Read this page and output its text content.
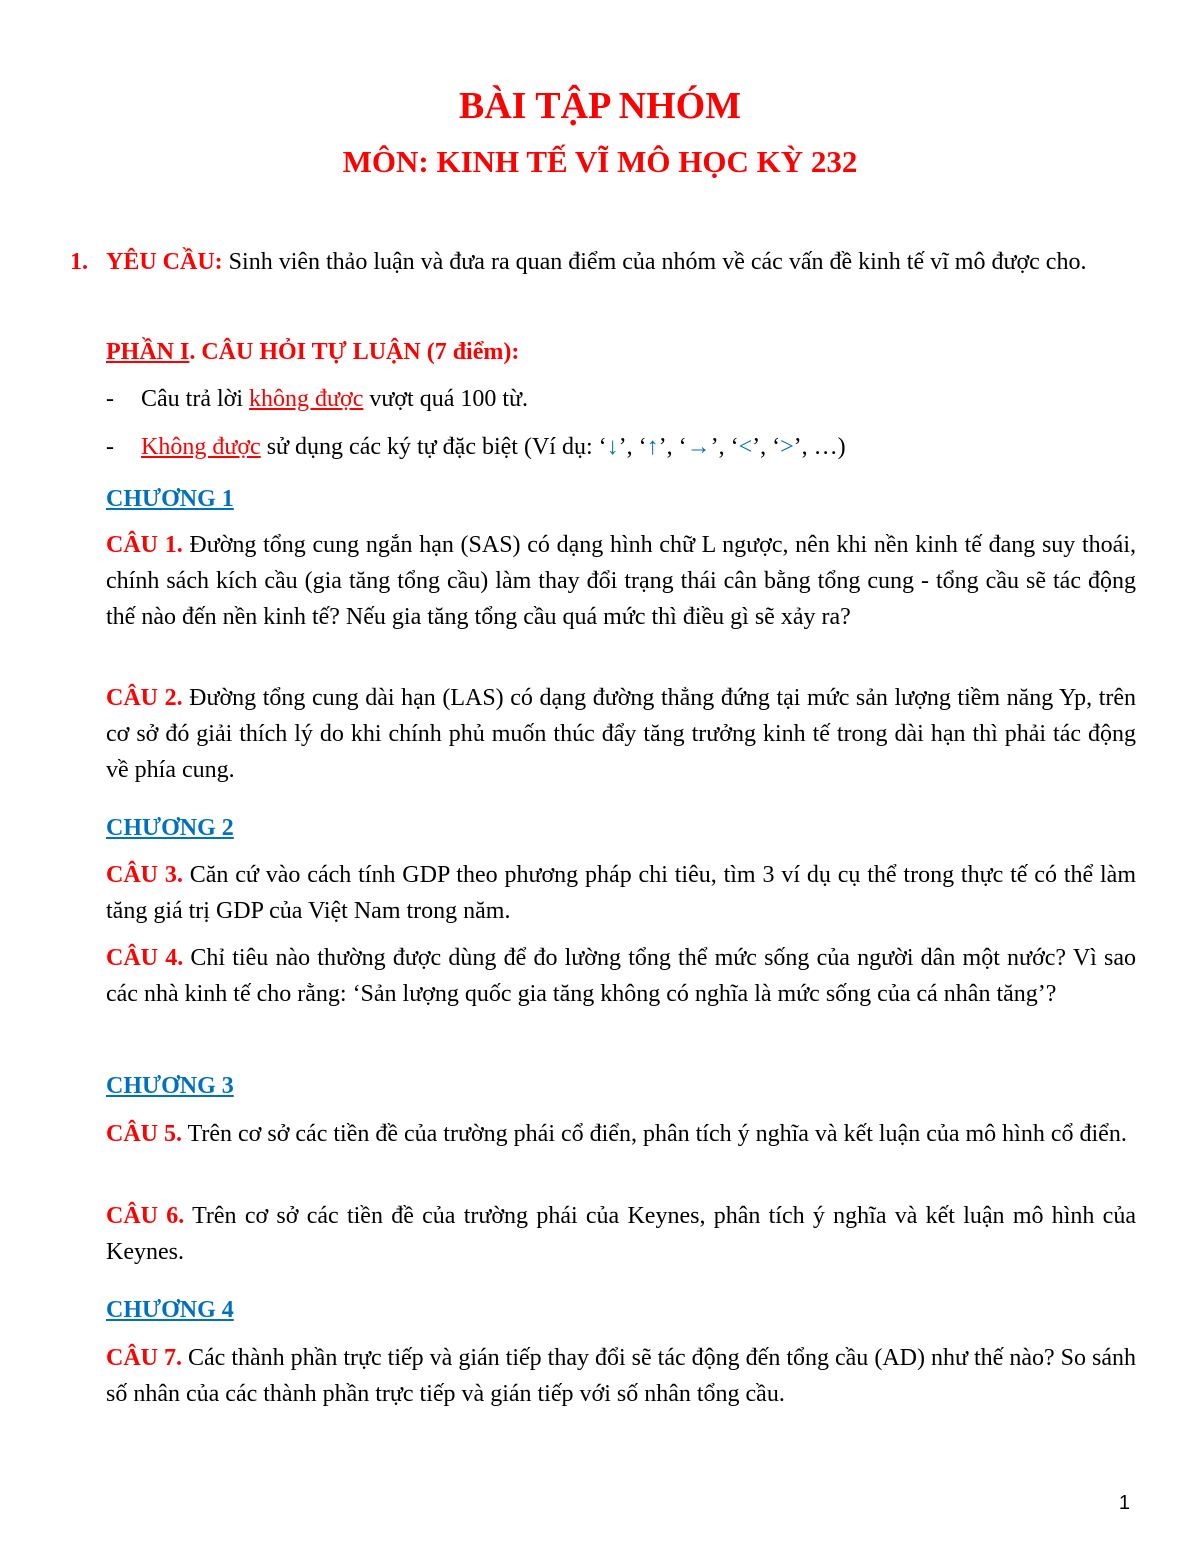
BÀI TẬP NHÓM
MÔN: KINH TẾ VĨ MÔ HỌC KỲ 232
1. YÊU CẦU: Sinh viên thảo luận và đưa ra quan điểm của nhóm về các vấn đề kinh tế vĩ mô được cho.
PHẦN I. CÂU HỎI TỰ LUẬN (7 điểm):
- Câu trả lời không được vượt quá 100 từ.
- Không được sử dụng các ký tự đặc biệt (Ví dụ: ‘↓’, ‘↑’, ‘→’, ‘<’, ‘>’, …)
CHƯƠNG 1
CÂU 1. Đường tổng cung ngắn hạn (SAS) có dạng hình chữ L ngược, nên khi nền kinh tế đang suy thoái, chính sách kích cầu (gia tăng tổng cầu) làm thay đổi trạng thái cân bằng tổng cung - tổng cầu sẽ tác động thế nào đến nền kinh tế? Nếu gia tăng tổng cầu quá mức thì điều gì sẽ xảy ra?
CÂU 2. Đường tổng cung dài hạn (LAS) có dạng đường thẳng đứng tại mức sản lượng tiềm năng Yp, trên cơ sở đó giải thích lý do khi chính phủ muốn thúc đẩy tăng trưởng kinh tế trong dài hạn thì phải tác động về phía cung.
CHƯƠNG 2
CÂU 3. Căn cứ vào cách tính GDP theo phương pháp chi tiêu, tìm 3 ví dụ cụ thể trong thực tế có thể làm tăng giá trị GDP của Việt Nam trong năm.
CÂU 4. Chỉ tiêu nào thường được dùng để đo lường tổng thể mức sống của người dân một nước? Vì sao các nhà kinh tế cho rằng: ‘Sản lượng quốc gia tăng không có nghĩa là mức sống của cá nhân tăng’?
CHƯƠNG 3
CÂU 5. Trên cơ sở các tiền đề của trường phái cổ điển, phân tích ý nghĩa và kết luận của mô hình cổ điển.
CÂU 6. Trên cơ sở các tiền đề của trường phái của Keynes, phân tích ý nghĩa và kết luận mô hình của Keynes.
CHƯƠNG 4
CÂU 7. Các thành phần trực tiếp và gián tiếp thay đổi sẽ tác động đến tổng cầu (AD) như thế nào? So sánh số nhân của các thành phần trực tiếp và gián tiếp với số nhân tổng cầu.
1
